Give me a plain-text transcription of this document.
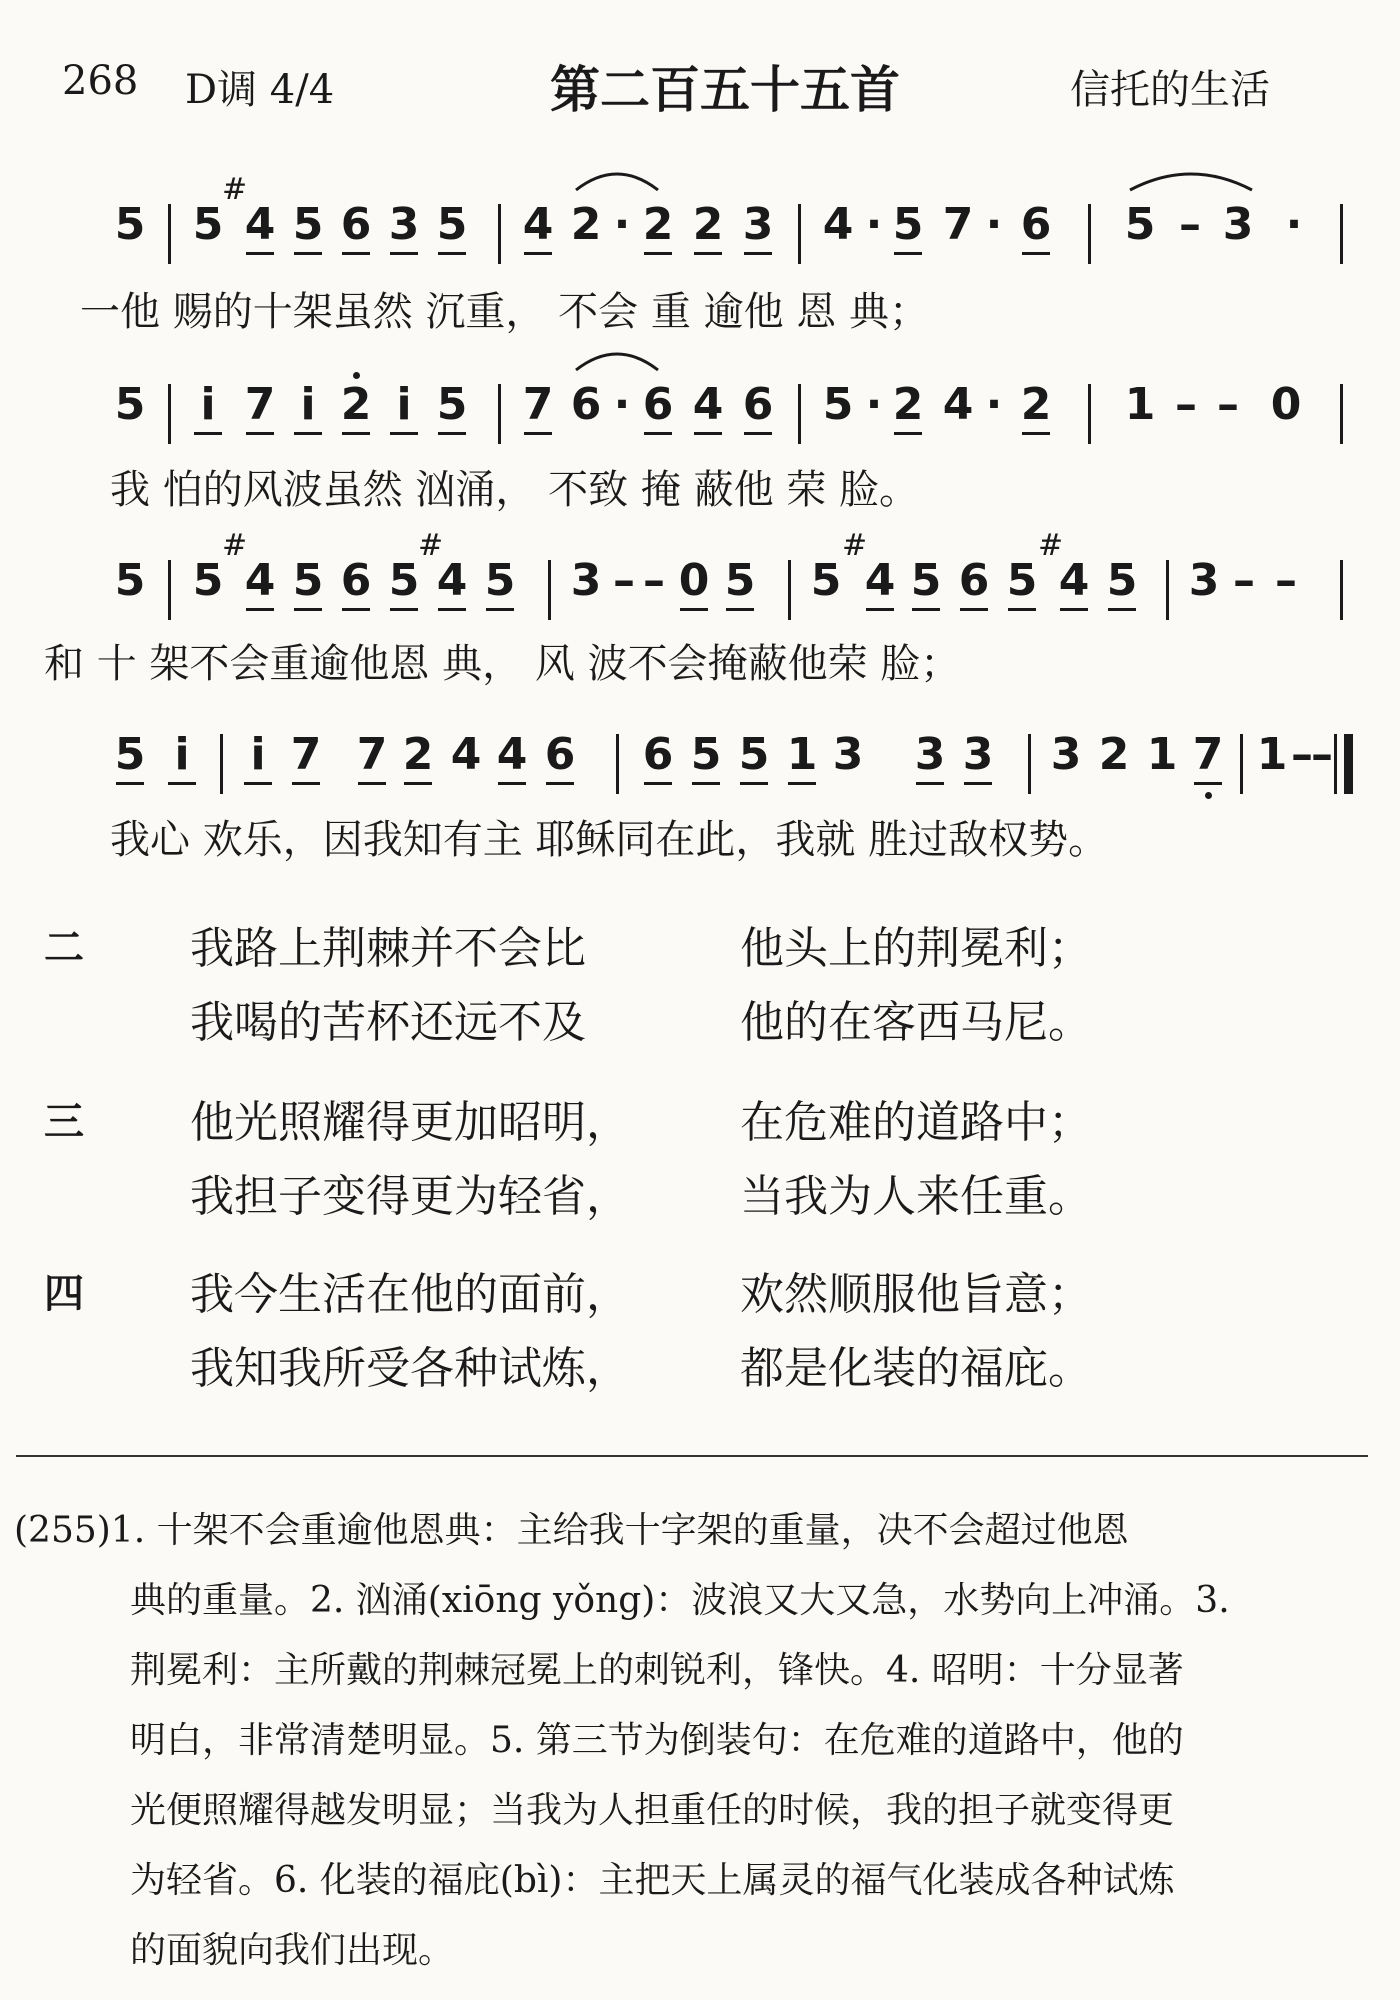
268 D调 4/4	第二百五十五首	信托的生活
5 5
#
4 5 6 3 5 4 2 · 2 2 3 4 · 5 7 · 6 5 – 3 ·
一他 赐的十架虽然 沉重， 不会 重 逾他 恩 典；
5 i 7 i 2 i 5 7 6 · 6 4 6 5 · 2 4 · 2 1 – – 0
我 怕的风波虽然 汹涌， 不致 掩 蔽他 荣 脸。
5 5
#
4 5 6 5
#
4 5 3 – – 0 5 5
#
4 5 6 5
#
4 5 3 – –
和 十 架不会重逾他恩 典， 风 波不会掩蔽他荣 脸；
5 i i 7 7 2 4 4 6 6 5 5 1 3 3 3 3 2 1 7 1 –
–
我心 欢乐，因我知有主 耶稣同在此，我就 胜过敌权势。
二 我路上荆棘并不会比	他头上的荆冕利；
我喝的苦杯还远不及	他的在客西马尼。
三 他光照耀得更加昭明，	在危难的道路中；
我担子变得更为轻省，	当我为人来任重。
四 我今生活在他的面前，	欢然顺服他旨意；
我知我所受各种试炼，	都是化装的福庇。
(255)1. 十架不会重逾他恩典：主给我十字架的重量，决不会超过他恩
典的重量。2. 汹涌(xiōng yǒng)：波浪又大又急，水势向上冲涌。3.
荆冕利：主所戴的荆棘冠冕上的刺锐利，锋快。4. 昭明：十分显著
明白，非常清楚明显。5. 第三节为倒装句：在危难的道路中，他的
光便照耀得越发明显；当我为人担重任的时候，我的担子就变得更
为轻省。6. 化装的福庇(bì)：主把天上属灵的福气化装成各种试炼
的面貌向我们出现。
